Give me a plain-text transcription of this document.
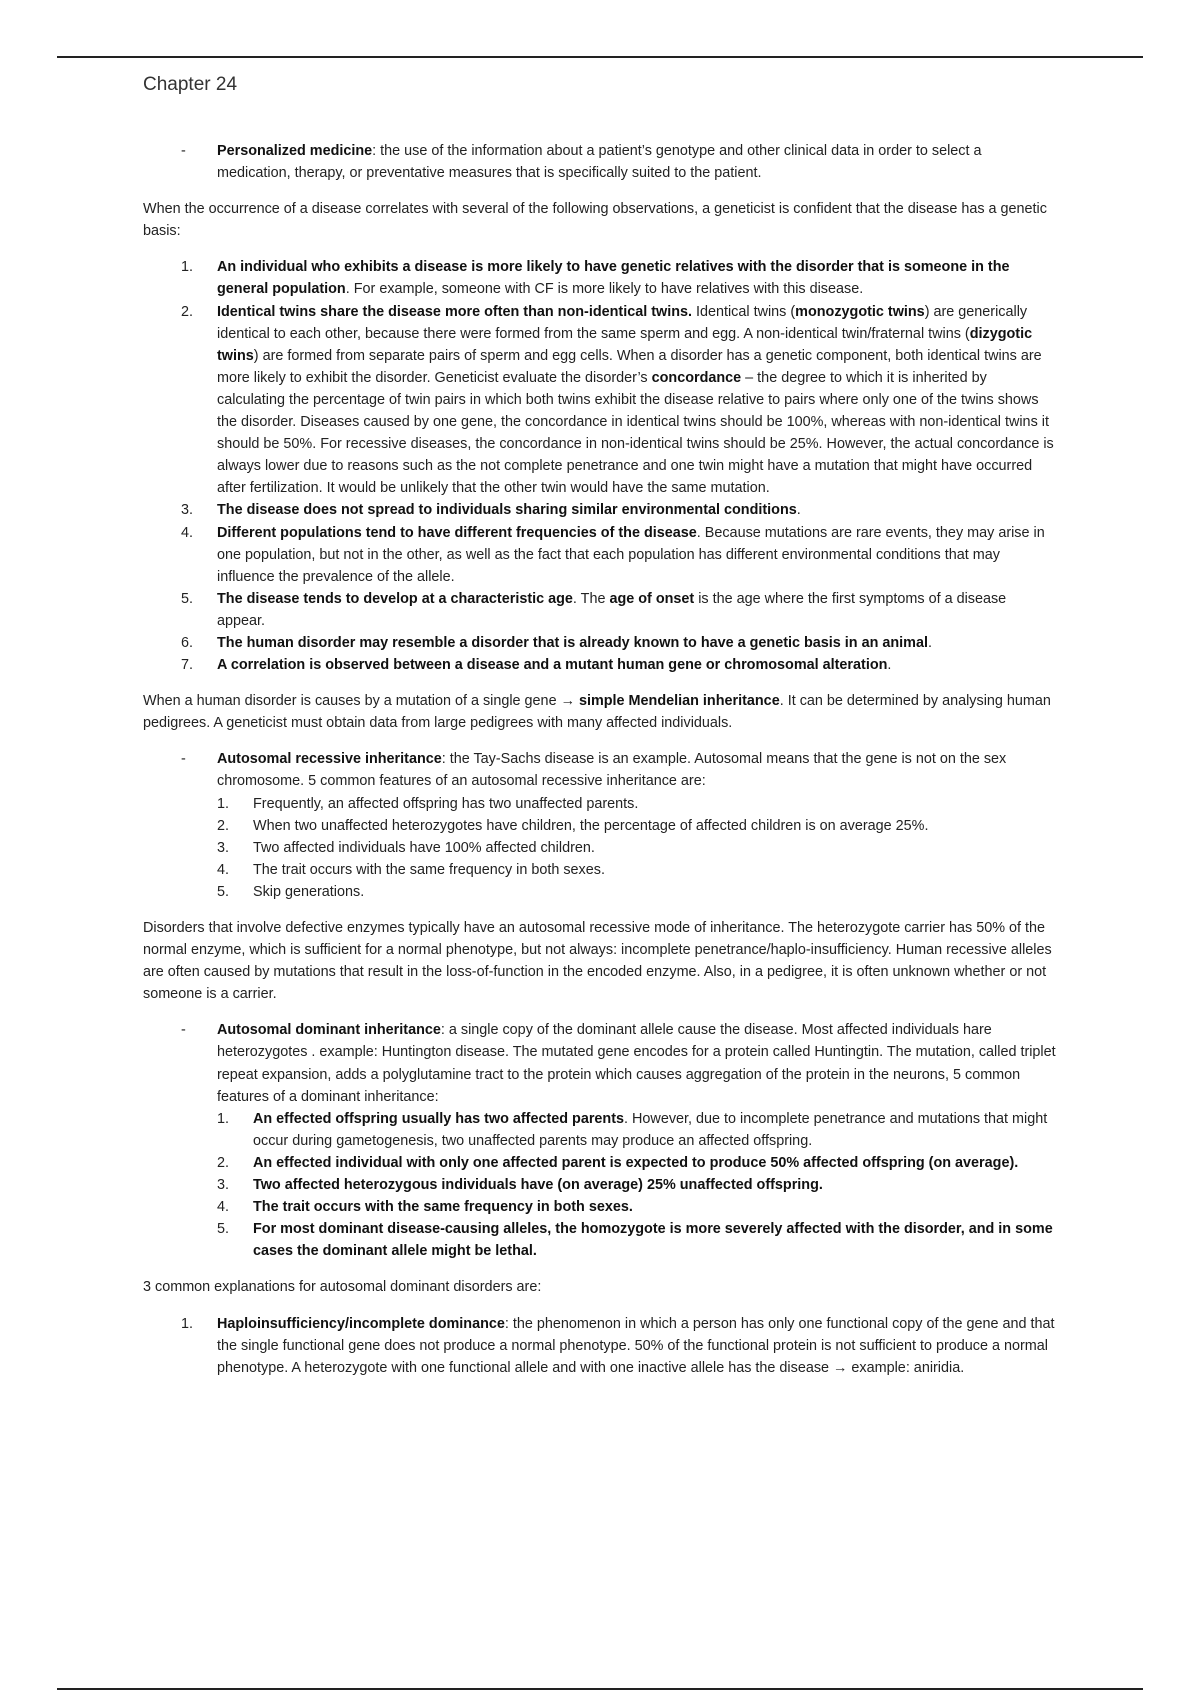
Chapter 24
- Personalized medicine: the use of the information about a patient’s genotype and other clinical data in order to select a medication, therapy, or preventative measures that is specifically suited to the patient.

When the occurrence of a disease correlates with several of the following observations, a geneticist is confident that the disease has a genetic basis:

1. An individual who exhibits a disease is more likely to have genetic relatives with the disorder that is someone in the general population. For example, someone with CF is more likely to have relatives with this disease.
2. Identical twins share the disease more often than non-identical twins. Identical twins (monozygotic twins) are generically identical to each other, because there were formed from the same sperm and egg. A non-identical twin/fraternal twins (dizygotic twins) are formed from separate pairs of sperm and egg cells. When a disorder has a genetic component, both identical twins are more likely to exhibit the disorder. Geneticist evaluate the disorder’s concordance – the degree to which it is inherited by calculating the percentage of twin pairs in which both twins exhibit the disease relative to pairs where only one of the twins shows the disorder. Diseases caused by one gene, the concordance in identical twins should be 100%, whereas with non-identical twins it should be 50%. For recessive diseases, the concordance in non-identical twins should be 25%. However, the actual concordance is always lower due to reasons such as the not complete penetrance and one twin might have a mutation that might have occurred after fertilization. It would be unlikely that the other twin would have the same mutation.
3. The disease does not spread to individuals sharing similar environmental conditions.
4. Different populations tend to have different frequencies of the disease. Because mutations are rare events, they may arise in one population, but not in the other, as well as the fact that each population has different environmental conditions that may influence the prevalence of the allele.
5. The disease tends to develop at a characteristic age. The age of onset is the age where the first symptoms of a disease appear.
6. The human disorder may resemble a disorder that is already known to have a genetic basis in an animal.
7. A correlation is observed between a disease and a mutant human gene or chromosomal alteration.

When a human disorder is causes by a mutation of a single gene → simple Mendelian inheritance. It can be determined by analysing human pedigrees. A geneticist must obtain data from large pedigrees with many affected individuals.

- Autosomal recessive inheritance: the Tay-Sachs disease is an example. Autosomal means that the gene is not on the sex chromosome. 5 common features of an autosomal recessive inheritance are:
1. Frequently, an affected offspring has two unaffected parents.
2. When two unaffected heterozygotes have children, the percentage of affected children is on average 25%.
3. Two affected individuals have 100% affected children.
4. The trait occurs with the same frequency in both sexes.
5. Skip generations.

Disorders that involve defective enzymes typically have an autosomal recessive mode of inheritance. The heterozygote carrier has 50% of the normal enzyme, which is sufficient for a normal phenotype, but not always: incomplete penetrance/haplo-insufficiency. Human recessive alleles are often caused by mutations that result in the loss-of-function in the encoded enzyme. Also, in a pedigree, it is often unknown whether or not someone is a carrier.

- Autosomal dominant inheritance: a single copy of the dominant allele cause the disease. Most affected individuals hare heterozygotes . example: Huntington disease. The mutated gene encodes for a protein called Huntingtin. The mutation, called triplet repeat expansion, adds a polyglutamine tract to the protein which causes aggregation of the protein in the neurons, 5 common features of a dominant inheritance:
1. An effected offspring usually has two affected parents. However, due to incomplete penetrance and mutations that might occur during gametogenesis, two unaffected parents may produce an affected offspring.
2. An effected individual with only one affected parent is expected to produce 50% affected offspring (on average).
3. Two affected heterozygous individuals have (on average) 25% unaffected offspring.
4. The trait occurs with the same frequency in both sexes.
5. For most dominant disease-causing alleles, the homozygote is more severely affected with the disorder, and in some cases the dominant allele might be lethal.

3 common explanations for autosomal dominant disorders are:

1. Haploinsufficiency/incomplete dominance: the phenomenon in which a person has only one functional copy of the gene and that the single functional gene does not produce a normal phenotype. 50% of the functional protein is not sufficient to produce a normal phenotype. A heterozygote with one functional allele and with one inactive allele has the disease → example: aniridia.
